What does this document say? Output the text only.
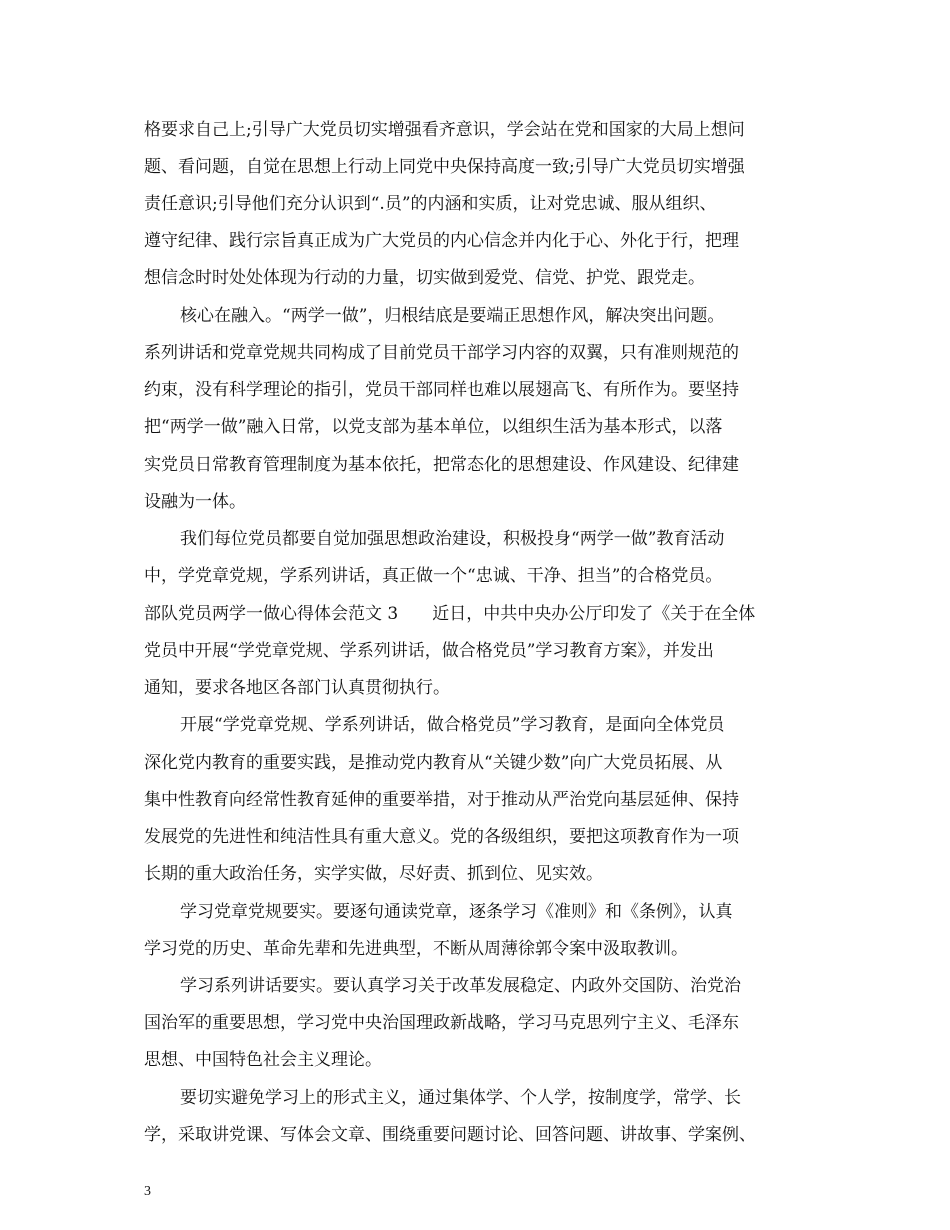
格要求自己上;引导广大党员切实增强看齐意识，学会站在党和国家的大局上想问
题、看问题，自觉在思想上行动上同党中央保持高度一致;引导广大党员切实增强
责任意识;引导他们充分认识到“.员”的内涵和实质，让对党忠诚、服从组织、
遵守纪律、践行宗旨真正成为广大党员的内心信念并内化于心、外化于行，把理
想信念时时处处体现为行动的力量，切实做到爱党、信党、护党、跟党走。
核心在融入。“两学一做”，归根结底是要端正思想作风，解决突出问题。
系列讲话和党章党规共同构成了目前党员干部学习内容的双翼，只有准则规范的
约束，没有科学理论的指引，党员干部同样也难以展翅高飞、有所作为。要坚持
把“两学一做”融入日常，以党支部为基本单位，以组织生活为基本形式，以落
实党员日常教育管理制度为基本依托，把常态化的思想建设、作风建设、纪律建
设融为一体。
我们每位党员都要自觉加强思想政治建设，积极投身“两学一做”教育活动
中，学党章党规，学系列讲话，真正做一个“忠诚、干净、担当”的合格党员。
部队党员两学一做心得体会范文 3　　近日，中共中央办公厅印发了《关于在全体
党员中开展“学党章党规、学系列讲话，做合格党员”学习教育方案》，并发出
通知，要求各地区各部门认真贯彻执行。
开展“学党章党规、学系列讲话，做合格党员”学习教育，是面向全体党员
深化党内教育的重要实践，是推动党内教育从“关键少数”向广大党员拓展、从
集中性教育向经常性教育延伸的重要举措，对于推动从严治党向基层延伸、保持
发展党的先进性和纯洁性具有重大意义。党的各级组织，要把这项教育作为一项
长期的重大政治任务，实学实做，尽好责、抓到位、见实效。
学习党章党规要实。要逐句通读党章，逐条学习《准则》和《条例》，认真
学习党的历史、革命先辈和先进典型，不断从周薄徐郭令案中汲取教训。
学习系列讲话要实。要认真学习关于改革发展稳定、内政外交国防、治党治
国治军的重要思想，学习党中央治国理政新战略，学习马克思列宁主义、毛泽东
思想、中国特色社会主义理论。
要切实避免学习上的形式主义，通过集体学、个人学，按制度学，常学、长
学，采取讲党课、写体会文章、围绕重要问题讨论、回答问题、讲故事、学案例、
3
